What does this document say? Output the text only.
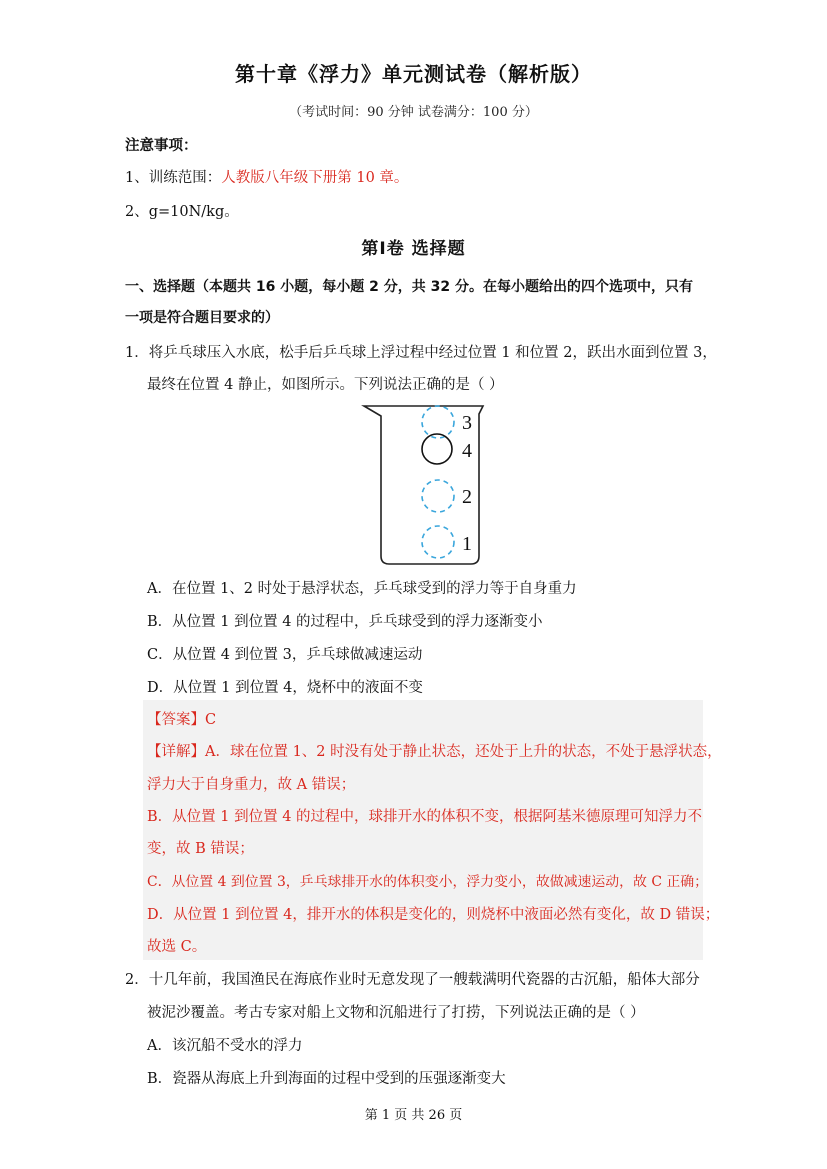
第十章《浮力》单元测试卷（解析版）
（考试时间：90 分钟 试卷满分：100 分）
注意事项：
1、训练范围：人教版八年级下册第 10 章。
2、g=10N/kg。
第Ⅰ卷 选择题
一、选择题（本题共 16 小题，每小题 2 分，共 32 分。在每小题给出的四个选项中，只有
一项是符合题目要求的）
1．将乒乓球压入水底，松手后乒乓球上浮过程中经过位置 1 和位置 2，跃出水面到位置 3，
最终在位置 4 静止，如图所示。下列说法正确的是（ ）
3
4
2
1
A．在位置 1、2 时处于悬浮状态，乒乓球受到的浮力等于自身重力
B．从位置 1 到位置 4 的过程中，乒乓球受到的浮力逐渐变小
C．从位置 4 到位置 3，乒乓球做减速运动
D．从位置 1 到位置 4，烧杯中的液面不变
【答案】C
【详解】A．球在位置 1、2 时没有处于静止状态，还处于上升的状态，不处于悬浮状态，
浮力大于自身重力，故 A 错误；
B．从位置 1 到位置 4 的过程中，球排开水的体积不变，根据阿基米德原理可知浮力不
变，故 B 错误；
C．从位置 4 到位置 3，乒乓球排开水的体积变小，浮力变小，故做减速运动，故 C 正确；
D．从位置 1 到位置 4，排开水的体积是变化的，则烧杯中液面必然有变化，故 D 错误；
故选 C。
2．十几年前，我国渔民在海底作业时无意发现了一艘载满明代瓷器的古沉船，船体大部分
被泥沙覆盖。考古专家对船上文物和沉船进行了打捞，下列说法正确的是（ ）
A．该沉船不受水的浮力
B．瓷器从海底上升到海面的过程中受到的压强逐渐变大
第 1 页 共 26 页
